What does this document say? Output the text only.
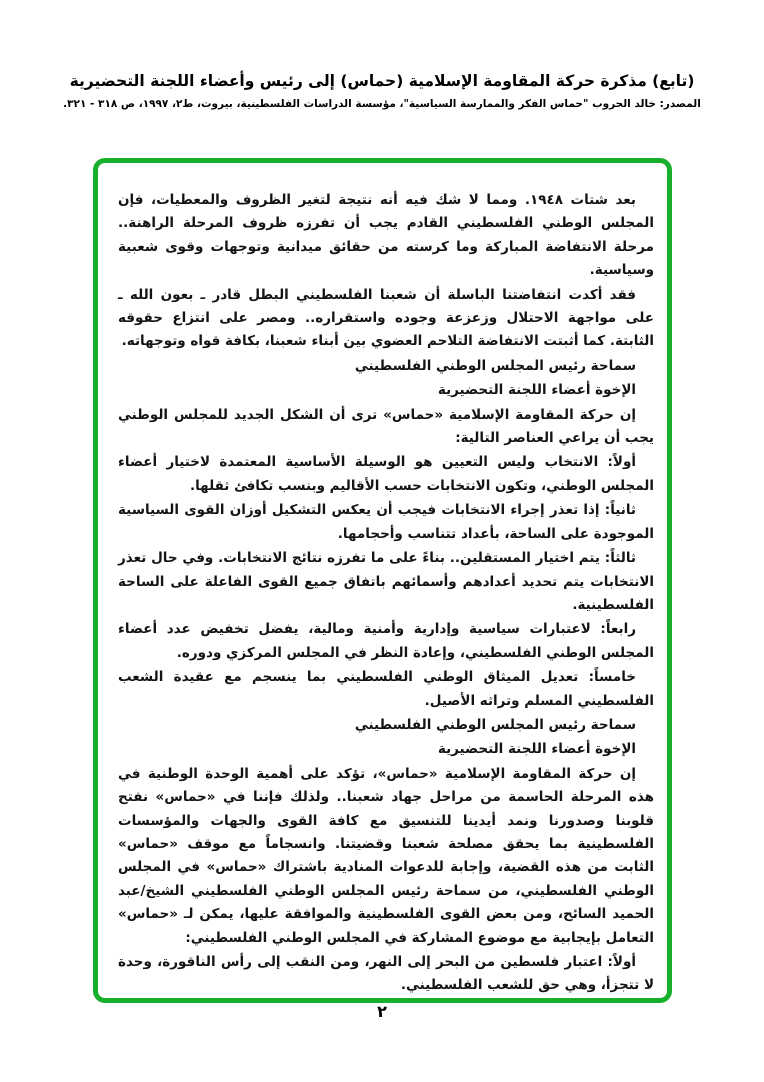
(تابع) مذكرة حركة المقاومة الإسلامية (حماس) إلى رئيس وأعضاء اللجنة التحضيرية
المصدر: خالد الحروب "حماس الفكر والممارسة السياسية"، مؤسسة الدراسات الفلسطينية، بيروت، ط٢، ١٩٩٧، ص ٣١٨ - ٣٢١.

بعد شتات ١٩٤٨. ومما لا شك فيه أنه نتيجة لتغير الظروف والمعطيات، فإن المجلس الوطني الفلسطيني القادم يجب أن تفرزه ظروف المرحلة الراهنة.. مرحلة الانتفاضة المباركة وما كرسته من حقائق ميدانية وتوجهات وقوى شعبية وسياسية.

فقد أكدت انتفاضتنا الباسلة أن شعبنا الفلسطيني البطل قادر ـ بعون الله ـ على مواجهة الاحتلال وزعزعة وجوده واستقراره.. ومصر على انتزاع حقوقه الثابتة. كما أثبتت الانتفاضة التلاحم العضوي بين أبناء شعبنا، بكافة قواه وتوجهاته.

سماحة رئيس المجلس الوطني الفلسطيني

الإخوة أعضاء اللجنة التحضيرية

إن حركة المقاومة الإسلامية «حماس» ترى أن الشكل الجديد للمجلس الوطني يجب أن يراعي العناصر التالية:

أولاً: الانتخاب وليس التعيين هو الوسيلة الأساسية المعتمدة لاختيار أعضاء المجلس الوطني، وتكون الانتخابات حسب الأقاليم وبنسب تكافئ ثقلها.

ثانياً: إذا تعذر إجراء الانتخابات فيجب أن يعكس التشكيل أوزان القوى السياسية الموجودة على الساحة، بأعداد تتناسب وأحجامها.

ثالثاً: يتم اختيار المستقلين.. بناءً على ما تفرزه نتائج الانتخابات. وفي حال تعذر الانتخابات يتم تحديد أعدادهم وأسمائهم باتفاق جميع القوى الفاعلة على الساحة الفلسطينية.

رابعاً: لاعتبارات سياسية وإدارية وأمنية ومالية، يفضل تخفيض عدد أعضاء المجلس الوطني الفلسطيني، وإعادة النظر في المجلس المركزي ودوره.

خامساً: تعديل الميثاق الوطني الفلسطيني بما ينسجم مع عقيدة الشعب الفلسطيني المسلم وتراثه الأصيل.

سماحة رئيس المجلس الوطني الفلسطيني

الإخوة أعضاء اللجنة التحضيرية

إن حركة المقاومة الإسلامية «حماس»، تؤكد على أهمية الوحدة الوطنية في هذه المرحلة الحاسمة من مراحل جهاد شعبنا.. ولذلك فإننا في «حماس» نفتح قلوبنا وصدورنا ونمد أيدينا للتنسيق مع كافة القوى والجهات والمؤسسات الفلسطينية بما يحقق مصلحة شعبنا وقضيتنا. وانسجاماً مع موقف «حماس» الثابت من هذه القضية، وإجابة للدعوات المنادية باشتراك «حماس» في المجلس الوطني الفلسطيني، من سماحة رئيس المجلس الوطني الفلسطيني الشيخ/عبد الحميد السائح، ومن بعض القوى الفلسطينية والموافقة عليها، يمكن لـ «حماس» التعامل بإيجابية مع موضوع المشاركة في المجلس الوطني الفلسطيني:

أولاً: اعتبار فلسطين من البحر إلى النهر، ومن النقب إلى رأس الناقورة، وحدة لا تتجزأ، وهي حق للشعب الفلسطيني.

٢
